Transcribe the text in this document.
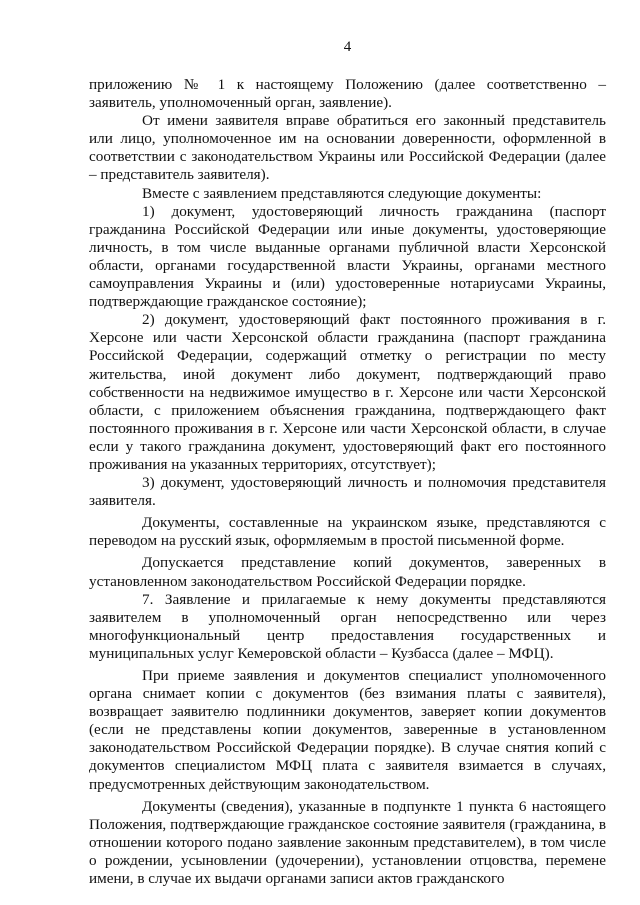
4

приложению № 1 к настоящему Положению (далее соответственно – заявитель, уполномоченный орган, заявление).

От имени заявителя вправе обратиться его законный представитель или лицо, уполномоченное им на основании доверенности, оформленной в соответствии с законодательством Украины или Российской Федерации (далее – представитель заявителя).

Вместе с заявлением представляются следующие документы:

1) документ, удостоверяющий личность гражданина (паспорт гражданина Российской Федерации или иные документы, удостоверяющие личность, в том числе выданные органами публичной власти Херсонской области, органами государственной власти Украины, органами местного самоуправления Украины и (или) удостоверенные нотариусами Украины, подтверждающие гражданское состояние);

2) документ, удостоверяющий факт постоянного проживания в г. Херсоне или части Херсонской области гражданина (паспорт гражданина Российской Федерации, содержащий отметку о регистрации по месту жительства, иной документ либо документ, подтверждающий право собственности на недвижимое имущество в г. Херсоне или части Херсонской области, с приложением объяснения гражданина, подтверждающего факт постоянного проживания в г. Херсоне или части Херсонской области, в случае если у такого гражданина документ, удостоверяющий факт его постоянного проживания на указанных территориях, отсутствует);

3) документ, удостоверяющий личность и полномочия представителя заявителя.

Документы, составленные на украинском языке, представляются с переводом на русский язык, оформляемым в простой письменной форме.

Допускается представление копий документов, заверенных в установленном законодательством Российской Федерации порядке.

7. Заявление и прилагаемые к нему документы представляются заявителем в уполномоченный орган непосредственно или через многофункциональный центр предоставления государственных и муниципальных услуг Кемеровской области – Кузбасса (далее – МФЦ).

При приеме заявления и документов специалист уполномоченного органа снимает копии с документов (без взимания платы с заявителя), возвращает заявителю подлинники документов, заверяет копии документов (если не представлены копии документов, заверенные в установленном законодательством Российской Федерации порядке). В случае снятия копий с документов специалистом МФЦ плата с заявителя взимается в случаях, предусмотренных действующим законодательством.

Документы (сведения), указанные в подпункте 1 пункта 6 настоящего Положения, подтверждающие гражданское состояние заявителя (гражданина, в отношении которого подано заявление законным представителем), в том числе о рождении, усыновлении (удочерении), установлении отцовства, перемене имени, в случае их выдачи органами записи актов гражданского
